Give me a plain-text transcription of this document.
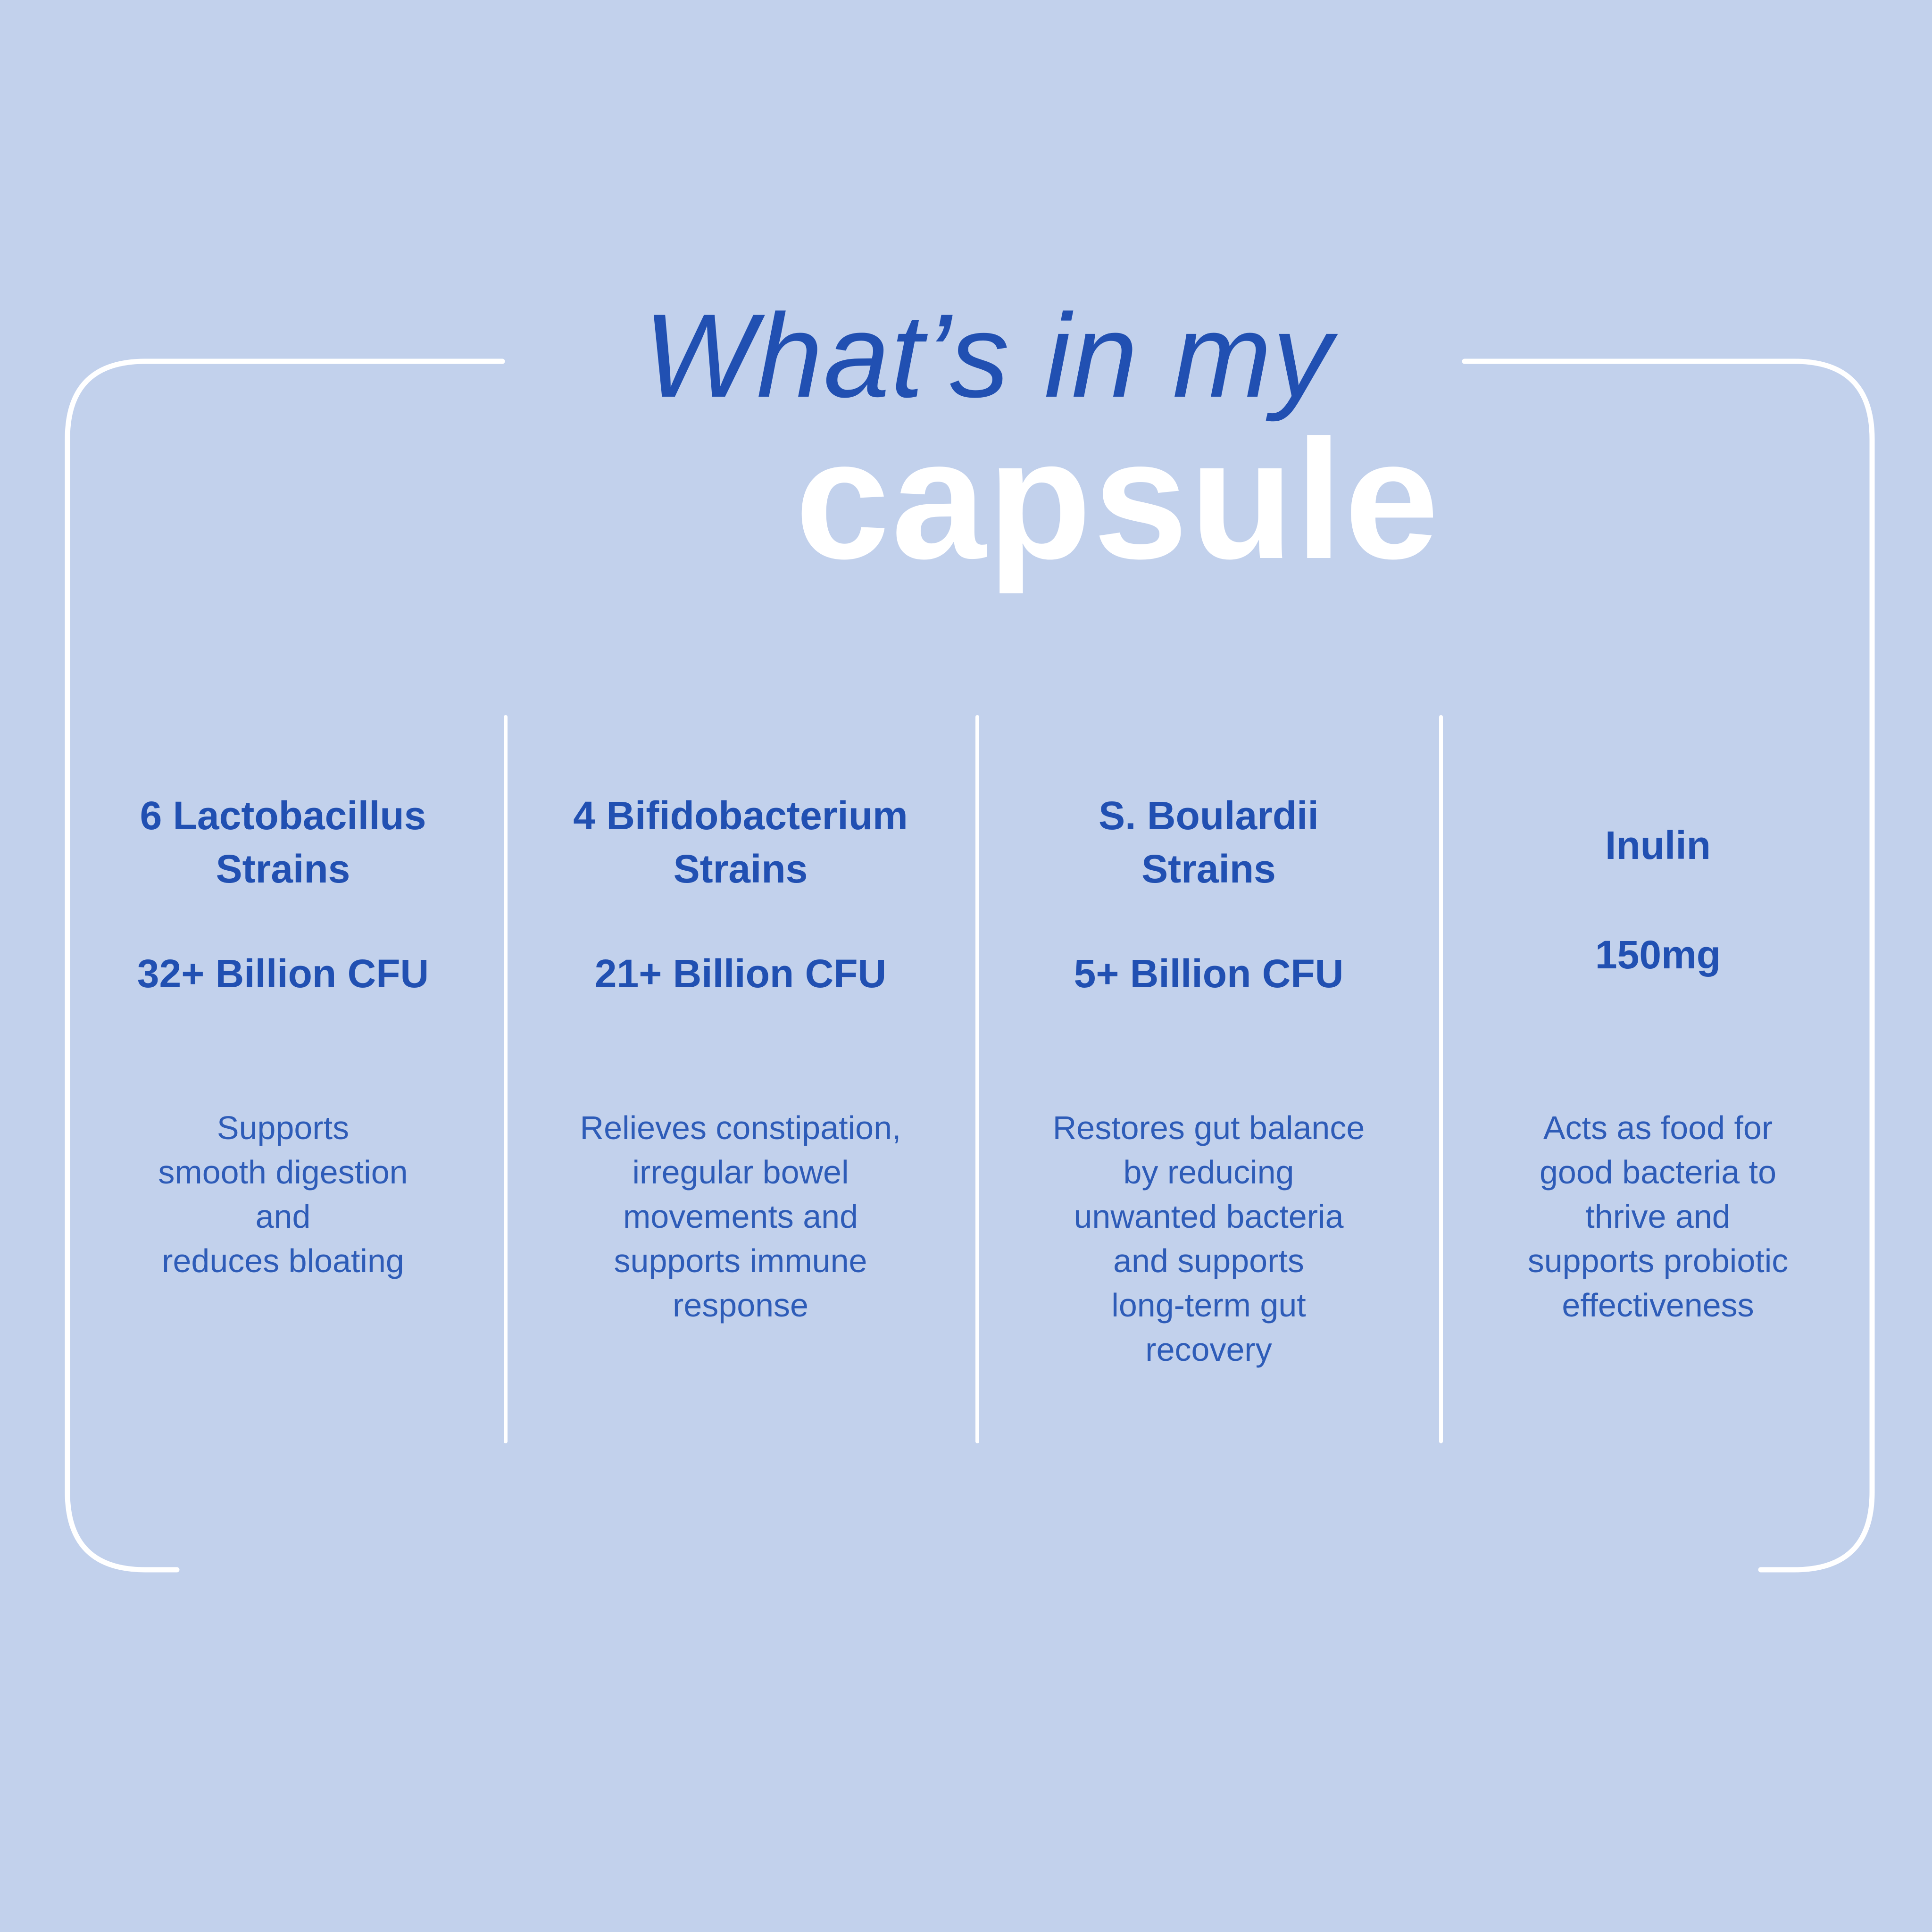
What’s in my
capsule
6 Lactobacillus
Strains
32+ Billion CFU
Supports
smooth digestion
and
reduces bloating
4 Bifidobacterium
Strains
21+ Billion CFU
Relieves constipation,
irregular bowel
movements and
supports immune
response
S. Boulardii
Strains
5+ Billion CFU
Restores gut balance
by reducing
unwanted bacteria
and supports
long-term gut
recovery
Inulin
150mg
Acts as food for
good bacteria to
thrive and
supports probiotic
effectiveness
